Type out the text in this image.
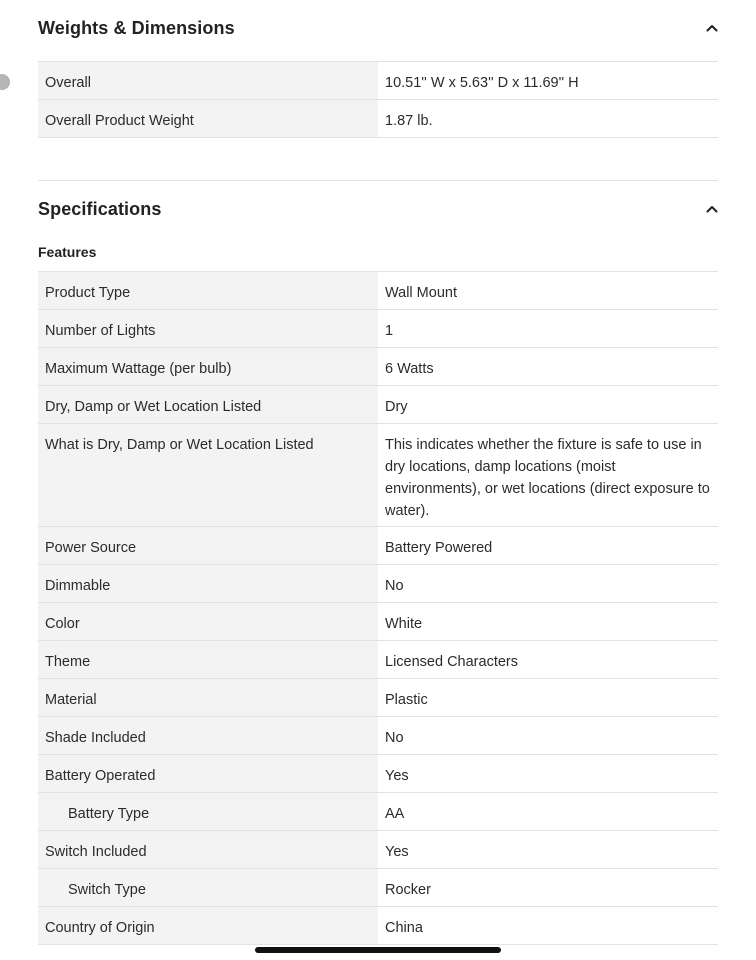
Weights & Dimensions
Overall	10.51'' W x 5.63'' D x 11.69'' H
Overall Product Weight	1.87 lb.
Specifications
Features
Product Type	Wall Mount
Number of Lights	1
Maximum Wattage (per bulb)	6 Watts
Dry, Damp or Wet Location Listed	Dry
What is Dry, Damp or Wet Location Listed	This indicates whether the fixture is safe to use in dry locations, damp locations (moist environments), or wet locations (direct exposure to water).
Power Source	Battery Powered
Dimmable	No
Color	White
Theme	Licensed Characters
Material	Plastic
Shade Included	No
Battery Operated	Yes
Battery Type	AA
Switch Included	Yes
Switch Type	Rocker
Country of Origin	China
